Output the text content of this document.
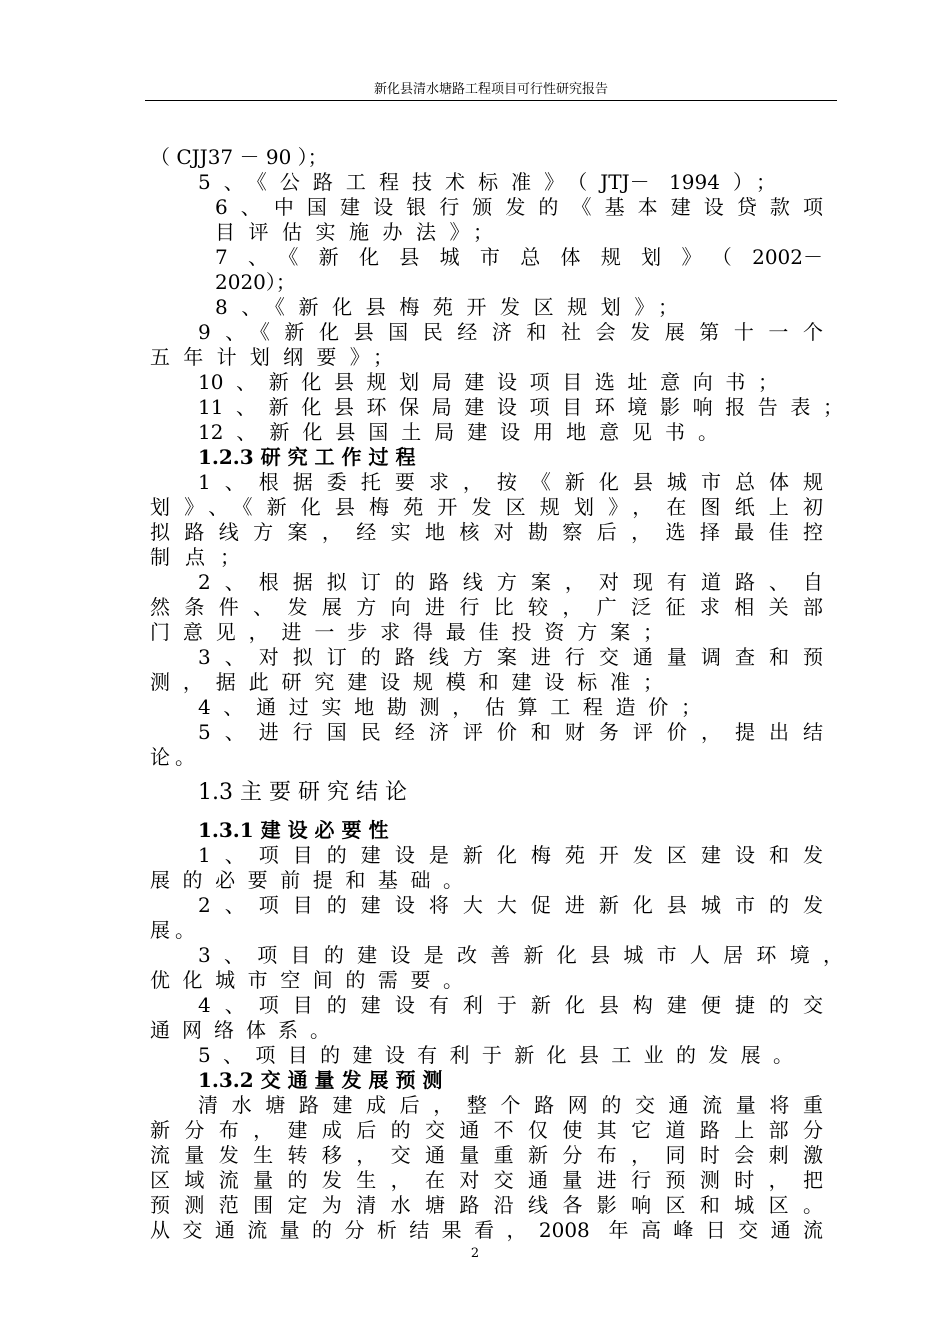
新化县清水塘路工程项目可行性研究报告
（ CJJ37 － 90 ）；
5、《公路工程技术标准》（JTJ－ 1994）；
6、中国建设银行颁发的《基本建设贷款项
目评估实施办法》；
7、《新化县城市总体规划》（2002－
2020）；
8、《新化县梅苑开发区规划》；
9、《新化县国民经济和社会发展第十一个
五年计划纲要》；
10、新化县规划局建设项目选址意向书；
11、新化县环保局建设项目环境影响报告表；
12、新化县国土局建设用地意见书。
1.2.3 研 究 工 作 过 程
1、根据委托要求，按《新化县城市总体规
划》、《新化县梅苑开发区规划》，在图纸上初
拟路线方案，经实地核对勘察后，选择最佳控
制点；
2、根据拟订的路线方案，对现有道路、自
然条件、发展方向进行比较，广泛征求相关部
门意见，进一步求得最佳投资方案；
3、对拟订的路线方案进行交通量调查和预
测，据此研究建设规模和建设标准；
4、通过实地勘测，估算工程造价；
5、进行国民经济评价和财务评价，提出结
论。
1.3 主 要 研 究 结 论
1.3.1 建 设 必 要 性
1、项目的建设是新化梅苑开发区建设和发
展的必要前提和基础。
2、项目的建设将大大促进新化县城市的发
展。
3、项目的建设是改善新化县城市人居环境，
优化城市空间的需要。
4、项目的建设有利于新化县构建便捷的交
通网络体系。
5、项目的建设有利于新化县工业的发展。
1.3.2 交 通 量 发 展 预 测
清水塘路建成后，整个路网的交通流量将重
新分布，建成后的交通不仅使其它道路上部分
流量发生转移，交通量重新分布，同时会刺激
区域流量的发生，在对交通量进行预测时，把
预测范围定为清水塘路沿线各影响区和城区。
从交通流量的分析结果看，2008 年高峰日交通流
2
